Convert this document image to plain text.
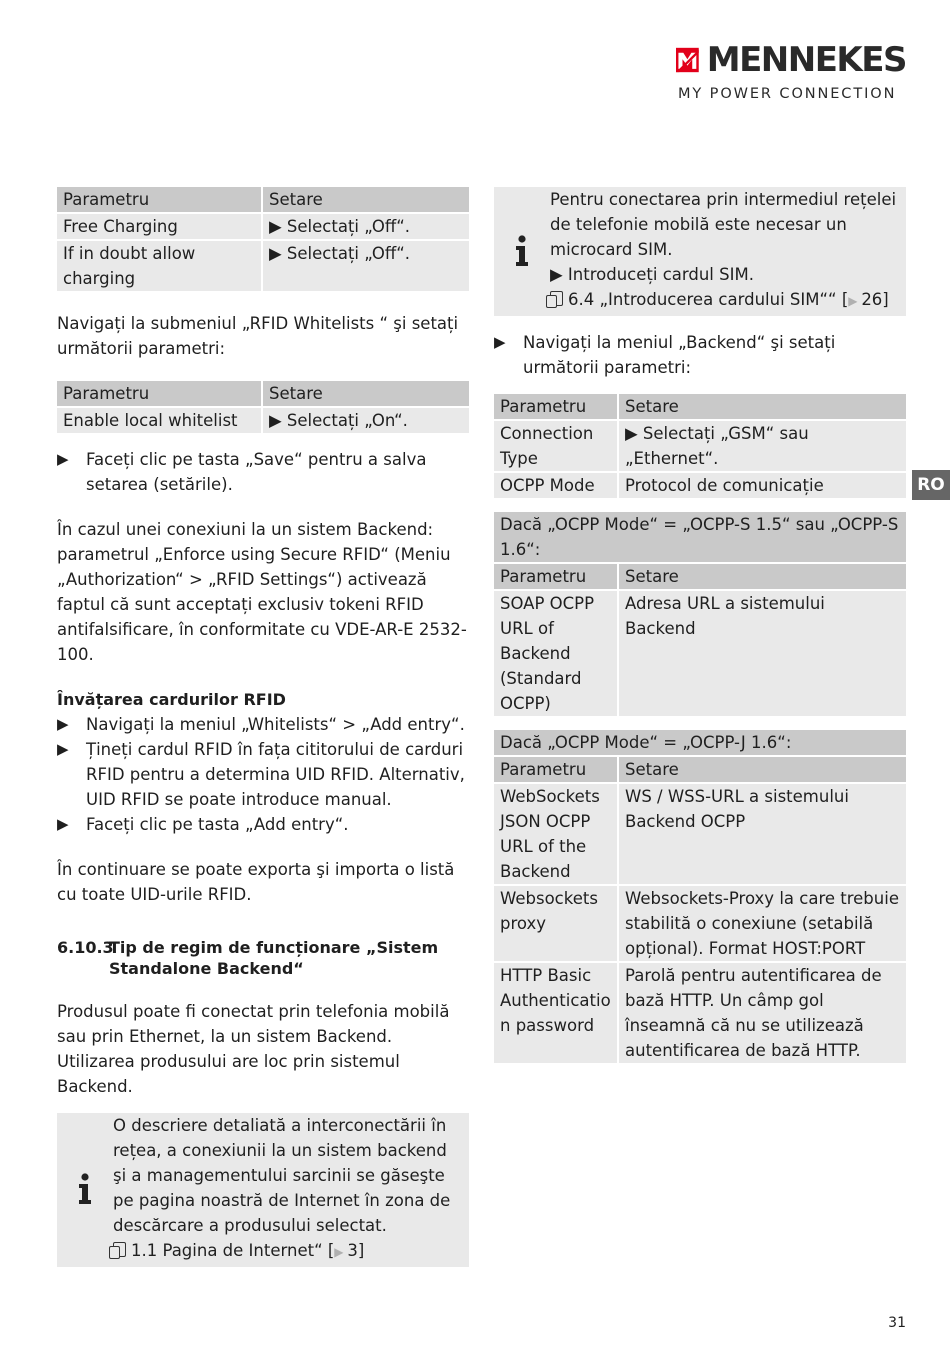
MENNEKES
MY POWER CONNECTION
Parametru	Setare
Free Charging	▶ Selectați „Off“.
If in doubt allow charging	▶ Selectați „Off“.

Navigați la submeniul „RFID Whitelists “ şi setați următorii parametri:

Parametru	Setare
Enable local whitelist	▶ Selectați „On“.
▶	Faceți clic pe tasta „Save“ pentru a salva setarea (setările).

În cazul unei conexiuni la un sistem Backend: parametrul „Enforce using Secure RFID“ (Meniu „Authorization“ > „RFID Settings“) activează faptul că sunt acceptați exclusiv tokeni RFID antifalsificare, în conformitate cu VDE-AR-E 2532-100.

Învățarea cardurilor RFID

▶	Navigați la meniul „Whitelists“ > „Add entry“.
▶	Țineți cardul RFID în fața cititorului de carduri RFID pentru a determina UID RFID. Alternativ, UID RFID se poate introduce manual.
▶	Faceți clic pe tasta „Add entry“.

În continuare se poate exporta şi importa o listă cu toate UID-urile RFID.

6.10.3
Tip de regim de funcționare „Sistem Standalone Backend“

Produsul poate fi conectat prin telefonia mobilă sau prin Ethernet, la un sistem Backend. Utilizarea produsului are loc prin sistemul Backend.

O descriere detaliată a interconectării în rețea, a conexiunii la un sistem backend şi a managementului sarcinii se găseşte pe pagina noastră de Internet în zona de descărcare a produsului selectat.

1.1 Pagina de Internet“ [▶ 3]

Pentru conectarea prin intermediul rețelei de telefonie mobilă este necesar un microcard SIM.

▶ Introduceți cardul SIM.

6.4 „Introducerea cardului SIM““ [▶ 26]

▶	Navigați la meniul „Backend“ şi setați următorii parametri:
Parametru	Setare
Connection Type	▶ Selectați „GSM“ sau „Ethernet“.
OCPP Mode	Protocol de comunicație
Dacă „OCPP Mode“ = „OCPP-S 1.5“ sau „OCPP-S 1.6“:	
Parametru	Setare
SOAP OCPP URL of Backend (Standard OCPP)	Adresa URL a sistemului Backend
Dacă „OCPP Mode“ = „OCPP-J 1.6“:	
Parametru	Setare
WebSockets JSON OCPP URL of the Backend	WS / WSS-URL a sistemului Backend OCPP
Websockets proxy	Websockets-Proxy la care trebuie stabilită o conexiune (setabilă opțional). Format HOST:PORT
HTTP Basic Authenticatio n password	Parolă pentru autentificarea de bază HTTP. Un câmp gol înseamnă că nu se utilizează autentificarea de bază HTTP.
RO
31
